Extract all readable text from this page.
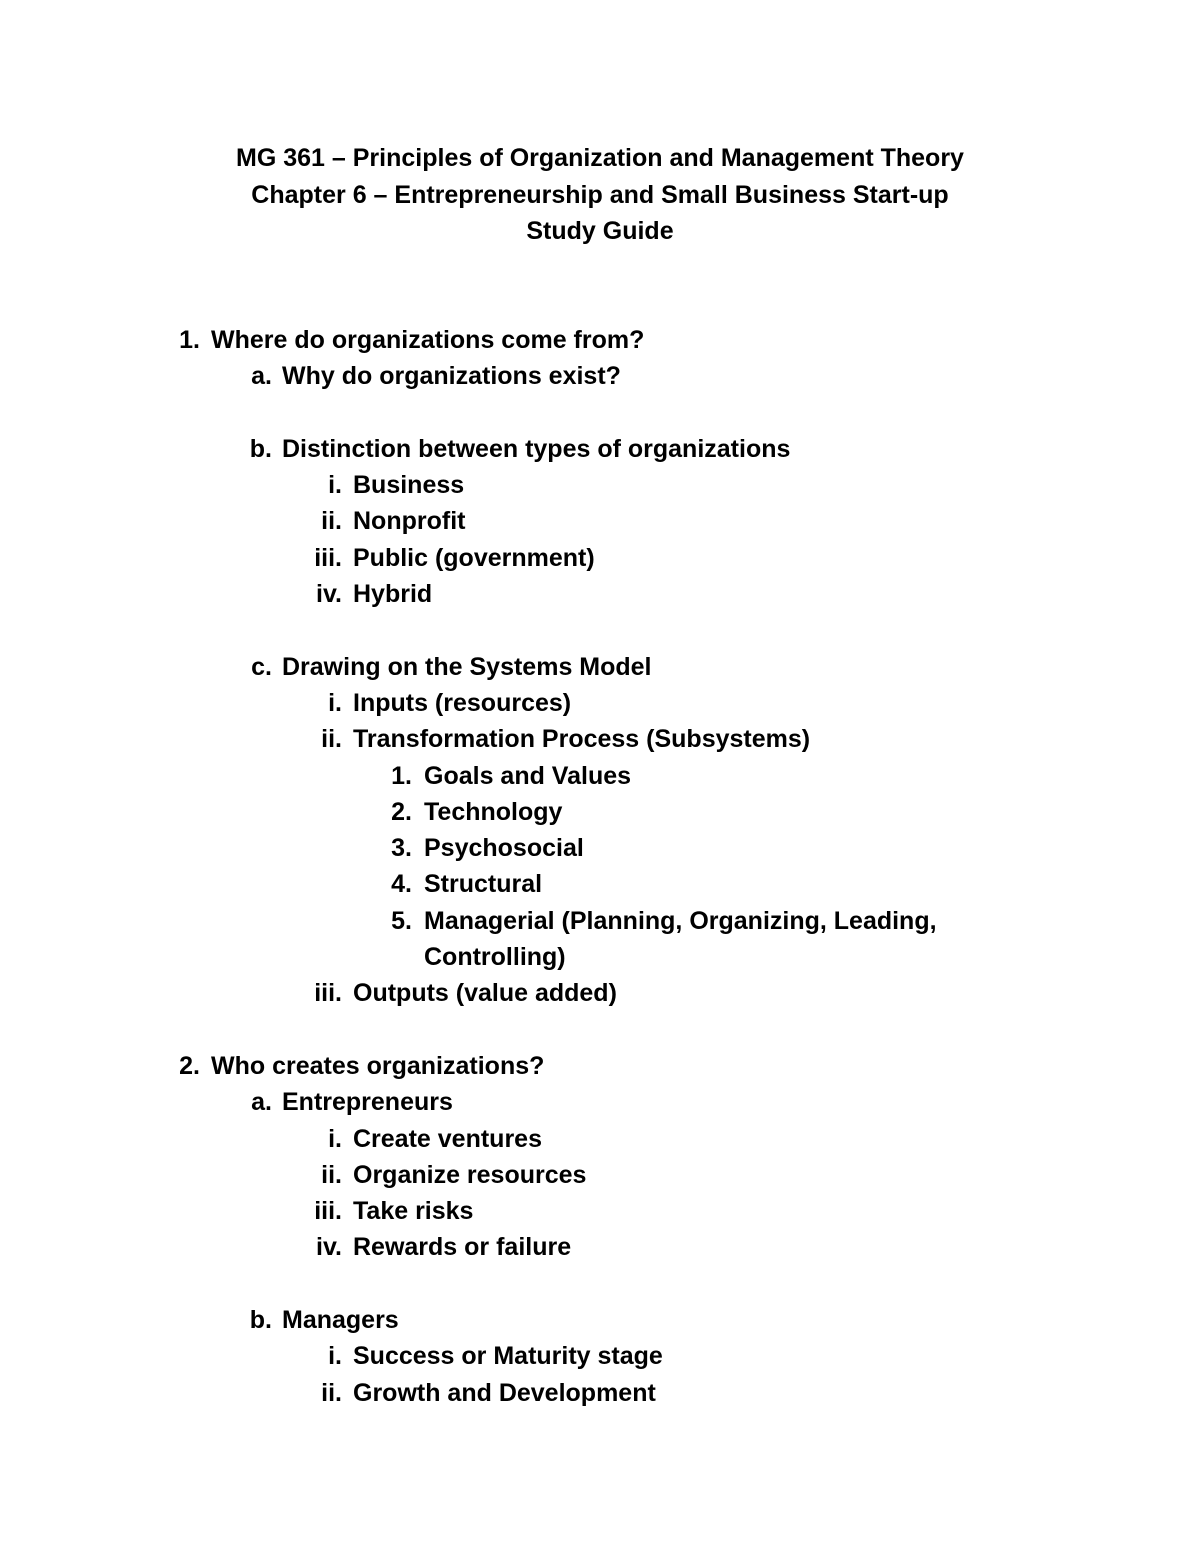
MG 361 – Principles of Organization and Management Theory
Chapter 6 – Entrepreneurship and Small Business Start-up
Study Guide
1. Where do organizations come from?
a. Why do organizations exist?
b. Distinction between types of organizations
i. Business
ii. Nonprofit
iii. Public (government)
iv. Hybrid
c. Drawing on the Systems Model
i. Inputs (resources)
ii. Transformation Process (Subsystems)
1. Goals and Values
2. Technology
3. Psychosocial
4. Structural
5. Managerial (Planning, Organizing, Leading, Controlling)
iii. Outputs (value added)
2. Who creates organizations?
a. Entrepreneurs
i. Create ventures
ii. Organize resources
iii. Take risks
iv. Rewards or failure
b. Managers
i. Success or Maturity stage
ii. Growth and Development
